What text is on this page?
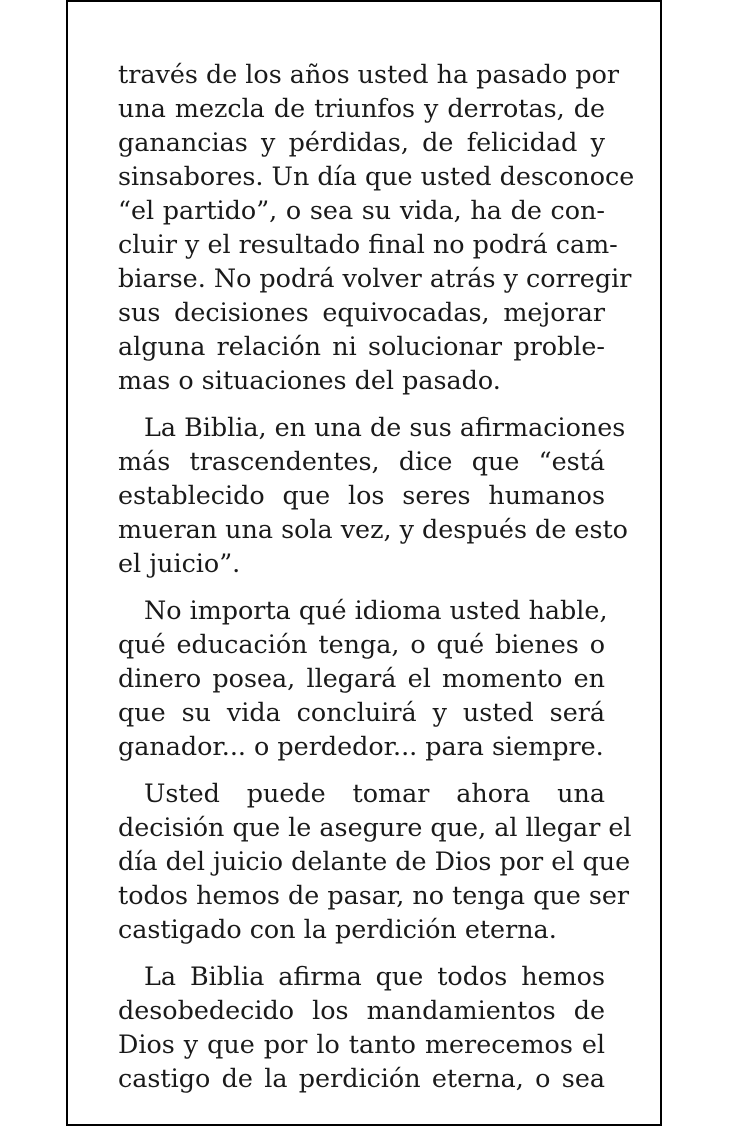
través de los años usted ha pasado por
una mezcla de triunfos y derrotas, de
ganancias y pérdidas, de felicidad y
sinsabores. Un día que usted desconoce
“el partido”, o sea su vida, ha de con-
cluir y el resultado final no podrá cam-
biarse. No podrá volver atrás y corregir
sus decisiones equivocadas, mejorar
alguna relación ni solucionar proble-
mas o situaciones del pasado.

La Biblia, en una de sus afirmaciones
más trascendentes, dice que “está
establecido que los seres humanos
mueran una sola vez, y después de esto
el juicio”.

No importa qué idioma usted hable,
qué educación tenga, o qué bienes o
dinero posea, llegará el momento en
que su vida concluirá y usted será
ganador... o perdedor... para siempre.

Usted puede tomar ahora una
decisión que le asegure que, al llegar el
día del juicio delante de Dios por el que
todos hemos de pasar, no tenga que ser
castigado con la perdición eterna.

La Biblia afirma que todos hemos
desobedecido los mandamientos de
Dios y que por lo tanto merecemos el
castigo de la perdición eterna, o sea
